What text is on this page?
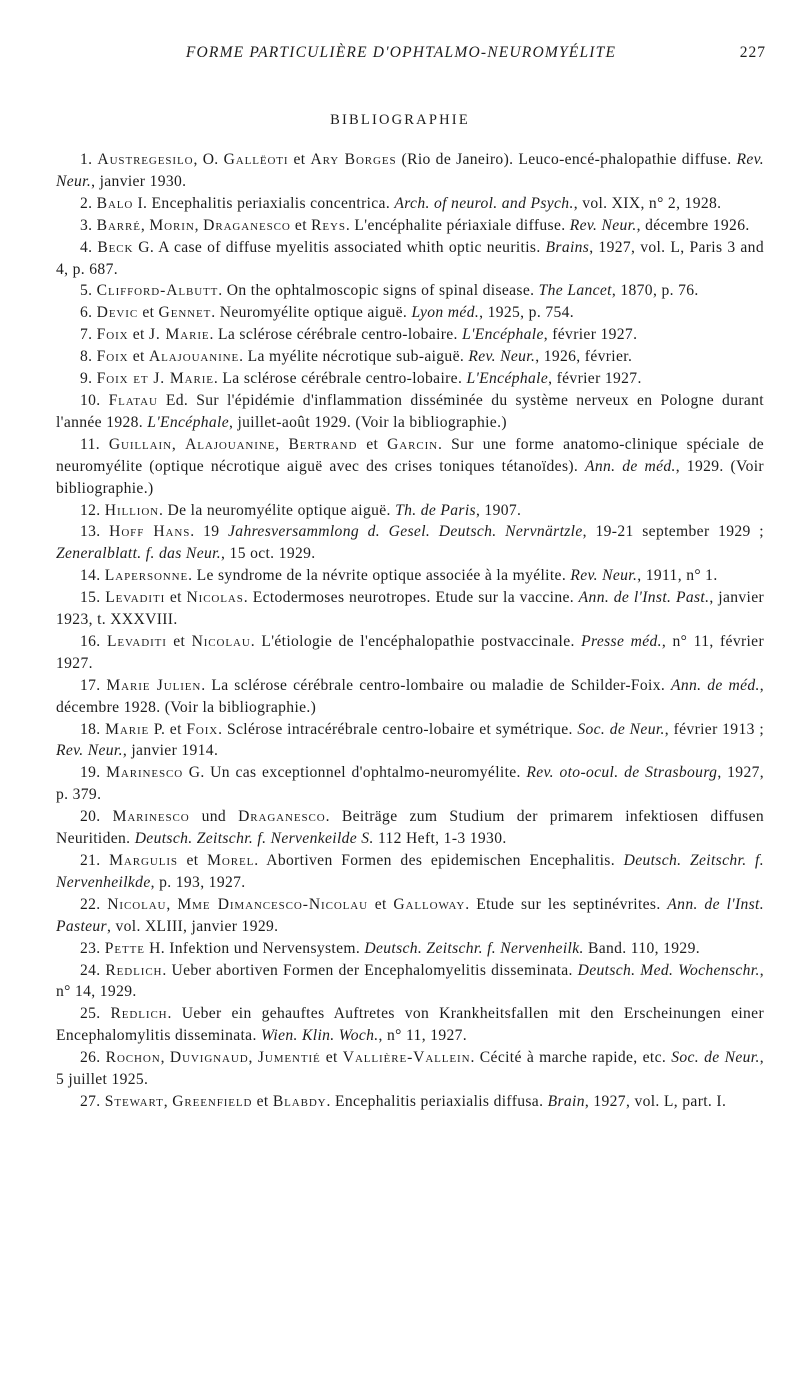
FORME PARTICULIÈRE D'OPHTALMO-NEUROMYÉLITE	227
BIBLIOGRAPHIE

1. Austregesilo, O. Gallëoti et Ary Borges (Rio de Janeiro). Leuco-encé-phalopathie diffuse. Rev. Neur., janvier 1930.

2. Balo I. Encephalitis periaxialis concentrica. Arch. of neurol. and Psych., vol. XIX, n° 2, 1928.

3. Barré, Morin, Draganesco et Reys. L'encéphalite périaxiale diffuse. Rev. Neur., décembre 1926.

4. Beck G. A case of diffuse myelitis associated whith optic neuritis. Brains, 1927, vol. L, Paris 3 and 4, p. 687.

5. Clifford-Albutt. On the ophtalmoscopic signs of spinal disease. The Lancet, 1870, p. 76.

6. Devic et Gennet. Neuromyélite optique aiguë. Lyon méd., 1925, p. 754.

7. Foix et J. Marie. La sclérose cérébrale centro-lobaire. L'Encéphale, février 1927.

8. Foix et Alajouanine. La myélite nécrotique sub-aiguë. Rev. Neur., 1926, février.

9. Foix et J. Marie. La sclérose cérébrale centro-lobaire. L'Encéphale, février 1927.

10. Flatau Ed. Sur l'épidémie d'inflammation disséminée du système nerveux en Pologne durant l'année 1928. L'Encéphale, juillet-août 1929. (Voir la bibliographie.)

11. Guillain, Alajouanine, Bertrand et Garcin. Sur une forme anatomo-clinique spéciale de neuromyélite (optique nécrotique aiguë avec des crises toniques tétanoïdes). Ann. de méd., 1929. (Voir bibliographie.)

12. Hillion. De la neuromyélite optique aiguë. Th. de Paris, 1907.

13. Hoff Hans. 19 Jahresversammlong d. Gesel. Deutsch. Nervnärtzle, 19-21 september 1929 ; Zeneralblatt. f. das Neur., 15 oct. 1929.

14. Lapersonne. Le syndrome de la névrite optique associée à la myélite. Rev. Neur., 1911, n° 1.

15. Levaditi et Nicolas. Ectodermoses neurotropes. Etude sur la vaccine. Ann. de l'Inst. Past., janvier 1923, t. XXXVIII.

16. Levaditi et Nicolau. L'étiologie de l'encéphalopathie postvaccinale. Presse méd., n° 11, février 1927.

17. Marie Julien. La sclérose cérébrale centro-lombaire ou maladie de Schilder-Foix. Ann. de méd., décembre 1928. (Voir la bibliographie.)

18. Marie P. et Foix. Sclérose intracérébrale centro-lobaire et symétrique. Soc. de Neur., février 1913 ; Rev. Neur., janvier 1914.

19. Marinesco G. Un cas exceptionnel d'ophtalmo-neuromyélite. Rev. oto-ocul. de Strasbourg, 1927, p. 379.

20. Marinesco und Draganesco. Beiträge zum Studium der primarem infektiosen diffusen Neuritiden. Deutsch. Zeitschr. f. Nervenkeilde S. 112 Heft, 1-3 1930.

21. Margulis et Morel. Abortiven Formen des epidemischen Encephalitis. Deutsch. Zeitschr. f. Nervenheilkde, p. 193, 1927.

22. Nicolau, Mme Dimancesco-Nicolau et Galloway. Etude sur les septinévrites. Ann. de l'Inst. Pasteur, vol. XLIII, janvier 1929.

23. Pette H. Infektion und Nervensystem. Deutsch. Zeitschr. f. Nervenheilk. Band. 110, 1929.

24. Redlich. Ueber abortiven Formen der Encephalomyelitis disseminata. Deutsch. Med. Wochenschr., n° 14, 1929.

25. Redlich. Ueber ein gehauftes Auftretes von Krankheitsfallen mit den Erscheinungen einer Encephalomylitis disseminata. Wien. Klin. Woch., n° 11, 1927.

26. Rochon, Duvignaud, Jumentié et Vallière-Vallein. Cécité à marche rapide, etc. Soc. de Neur., 5 juillet 1925.

27. Stewart, Greenfield et Blabdy. Encephalitis periaxialis diffusa. Brain, 1927, vol. L, part. I.
